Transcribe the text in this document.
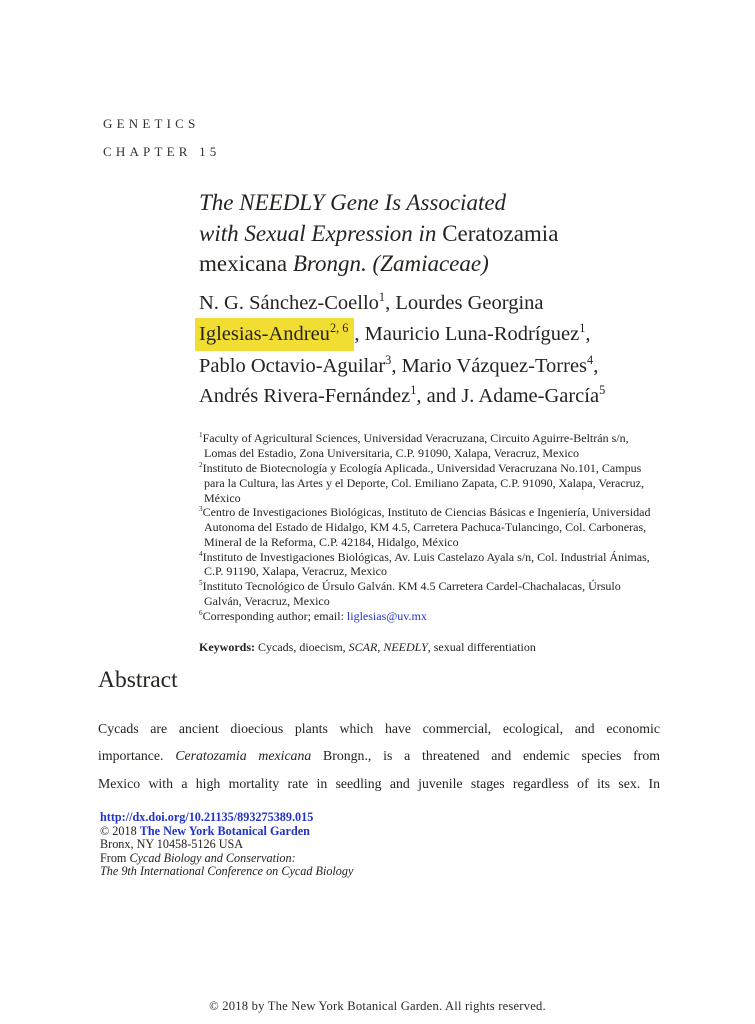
GENETICS
CHAPTER 15
The NEEDLY Gene Is Associated
with Sexual Expression in Ceratozamia
mexicana Brongn. (Zamiaceae)
N. G. Sánchez-Coello$^1$, Lourdes Georgina
Iglesias-Andreu$^{2, 6}$ , Mauricio Luna-Rodríguez$^1$,
Pablo Octavio-Aguilar$^3$, Mario Vázquez-Torres$^4$,
Andrés Rivera-Fernández$^1$, and J. Adame-García$^5$
$^1$Faculty of Agricultural Sciences, Universidad Veracruzana, Circuito Aguirre-Beltrán s/n, Lomas del Estadio, Zona Universitaria, C.P. 91090, Xalapa, Veracruz, Mexico
$^2$Instituto de Biotecnología y Ecología Aplicada., Universidad Veracruzana No.101, Campus para la Cultura, las Artes y el Deporte, Col. Emiliano Zapata, C.P. 91090, Xalapa, Veracruz, México
$^3$Centro de Investigaciones Biológicas, Instituto de Ciencias Básicas e Ingeniería, Universidad Autonoma del Estado de Hidalgo, KM 4.5, Carretera Pachuca-Tulancingo, Col. Carboneras, Mineral de la Reforma, C.P. 42184, Hidalgo, México
$^4$Instituto de Investigaciones Biológicas, Av. Luis Castelazo Ayala s/n, Col. Industrial Ánimas, C.P. 91190, Xalapa, Veracruz, Mexico
$^5$Instituto Tecnológico de Úrsulo Galván. KM 4.5 Carretera Cardel-Chachalacas, Úrsulo Galván, Veracruz, Mexico
$^6$Corresponding author; email: liglesias@uv.mx

Keywords: Cycads, dioecism, SCAR, NEEDLY, sexual differentiation

Abstract

Cycads are ancient dioecious plants which have commercial, ecological, and economic
importance. Ceratozamia mexicana Brongn., is a threatened and endemic species from
Mexico with a high mortality rate in seedling and juvenile stages regardless of its sex. In

http://dx.doi.org/10.21135/893275389.015
© 2018 The New York Botanical Garden
Bronx, NY 10458-5126 USA
From Cycad Biology and Conservation:
The 9th International Conference on Cycad Biology
© 2018 by The New York Botanical Garden. All rights reserved.
